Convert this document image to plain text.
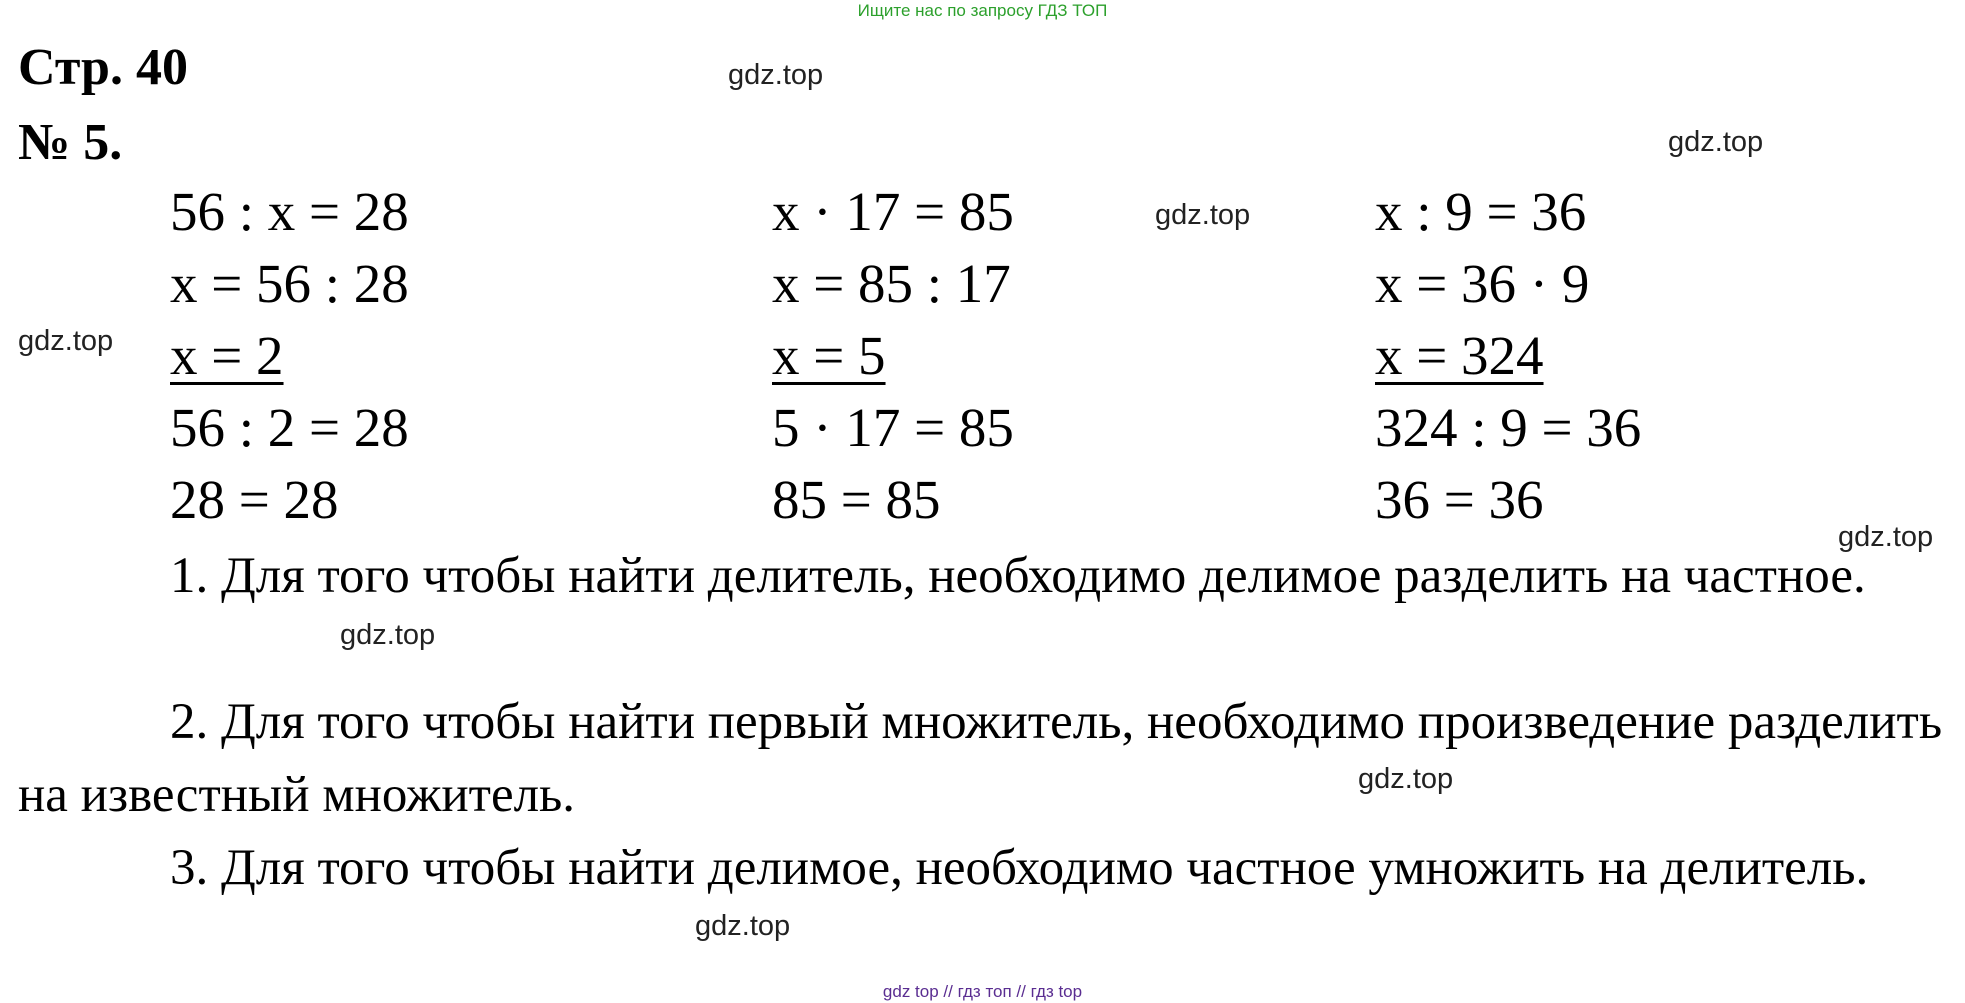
Ищите нас по запросу ГДЗ ТОП
Стр. 40
№ 5.
56 : x = 28
x = 56 : 28
x = 2
56 : 2 = 28
28 = 28
x · 17 = 85
x = 85 : 17
x = 5
5 · 17 = 85
85 = 85
x : 9 = 36
x = 36 · 9
x = 324
324 : 9 = 36
36 = 36
1. Для того чтобы найти делитель, необходимо делимое разделить на частное.
2. Для того чтобы найти первый множитель, необходимо произведение разделить на известный множитель.
3. Для того чтобы найти делимое, необходимо частное умножить на делитель.
gdz.top
gdz.top
gdz.top
gdz.top
gdz.top
gdz.top
gdz.top
gdz.top
gdz top // гдз топ // гдз top
